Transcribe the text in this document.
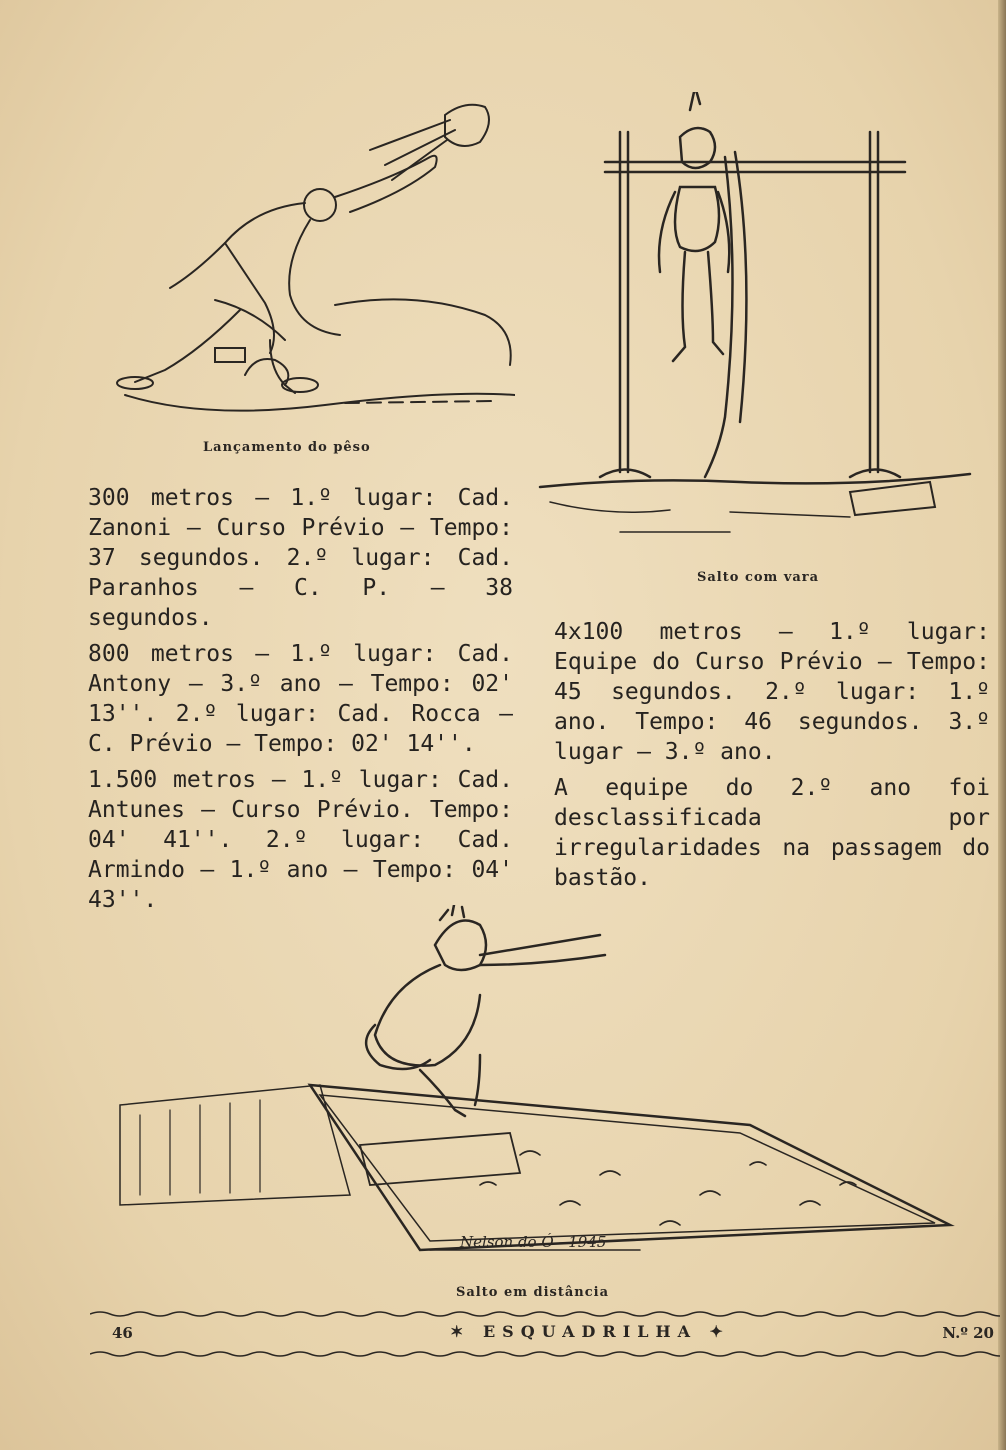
Lançamento do pêso
Salto com vara

300 metros — 1.º lugar: Cad. Zanoni — Curso Prévio — Tempo: 37 segundos. 2.º lugar: Cad. Paranhos — C. P. — 38 segundos.

800 metros — 1.º lugar: Cad. Antony — 3.º ano — Tempo: 02' 13''. 2.º lugar: Cad. Rocca — C. Prévio — Tempo: 02' 14''.

1.500 metros — 1.º lugar: Cad. Antunes — Curso Prévio. Tempo: 04' 41''. 2.º lugar: Cad. Armindo — 1.º ano — Tempo: 04' 43''.

4x100 metros — 1.º lugar: Equipe do Curso Prévio — Tempo: 45 segundos. 2.º lugar: 1.º ano. Tempo: 46 segundos. 3.º lugar — 3.º ano.

A equipe do 2.º ano foi desclassificada por irregularidades na passagem do bastão.

Nelson do Ó - 1945
Salto em distância
46	✶ ESQUADRILHA ✦	N.º 20
